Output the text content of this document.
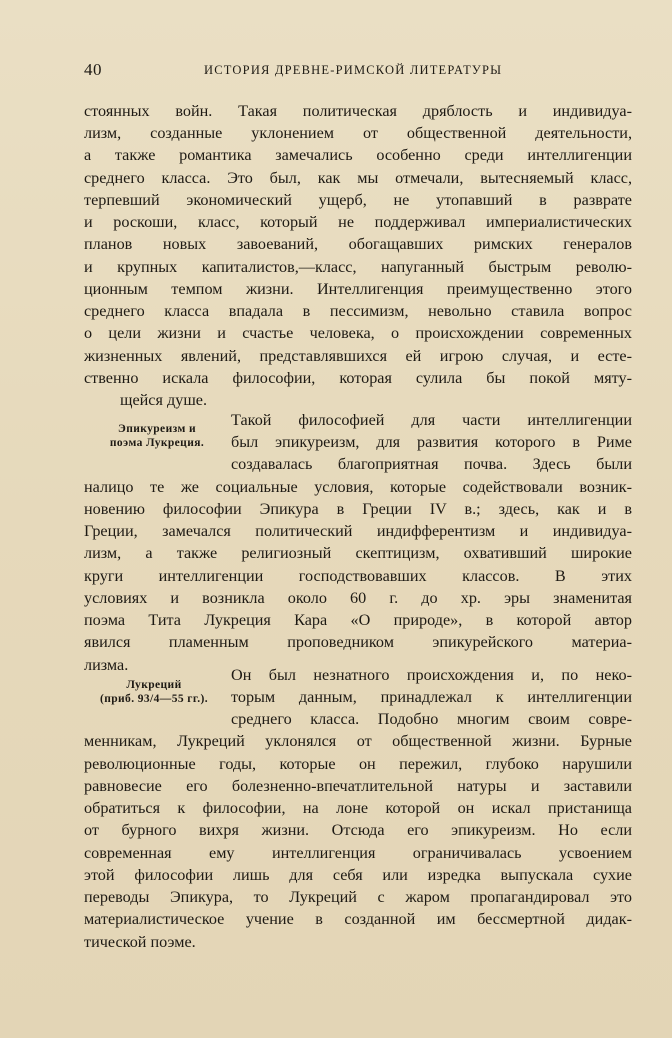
40	ИСТОРИЯ ДРЕВНЕ-РИМСКОЙ ЛИТЕРАТУРЫ
стоянных войн. Такая политическая дряблость и индивидуа-
лизм, созданные уклонением от общественной деятельности,
а также романтика замечались особенно среди интеллигенции
среднего класса. Это был, как мы отмечали, вытесняемый класс,
терпевший экономический ущерб, не утопавший в разврате
и роскоши, класс, который не поддерживал империалистических
планов новых завоеваний, обогащавших римских генералов
и крупных капиталистов,—класс, напуганный быстрым револю-
ционным темпом жизни. Интеллигенция преимущественно этого
среднего класса впадала в пессимизм, невольно ставила вопрос
о цели жизни и счастье человека, о происхождении современных
жизненных явлений, представлявшихся ей игрою случая, и есте-
ственно искала философии, которая сулила бы покой мяту-
щейся душе.
Эпикуреизм и
поэма Лукреция.
Такой философией для части интеллигенции
был эпикуреизм, для развития которого в Риме
создавалась благоприятная почва. Здесь были
налицо те же социальные условия, которые содействовали возник-
новению философии Эпикура в Греции IV в.; здесь, как и в
Греции, замечался политический индифферентизм и индивидуа-
лизм, а также религиозный скептицизм, охвативший широкие
круги интеллигенции господствовавших классов. В этих
условиях и возникла около 60 г. до хр. эры знаменитая
поэма Тита Лукреция Кара «О природе», в которой автор
явился пламенным проповедником эпикурейского материа-
лизма.
Лукреций
(приб. 93/4—55 гг.).
Он был незнатного происхождения и, по неко-
торым данным, принадлежал к интеллигенции
среднего класса. Подобно многим своим совре-
менникам, Лукреций уклонялся от общественной жизни. Бурные
революционные годы, которые он пережил, глубоко нарушили
равновесие его болезненно-впечатлительной натуры и заставили
обратиться к философии, на лоне которой он искал пристанища
от бурного вихря жизни. Отсюда его эпикуреизм. Но если
современная ему интеллигенция ограничивалась усвоением
этой философии лишь для себя или изредка выпускала сухие
переводы Эпикура, то Лукреций с жаром пропагандировал это
материалистическое учение в созданной им бессмертной дидак-
тической поэме.
